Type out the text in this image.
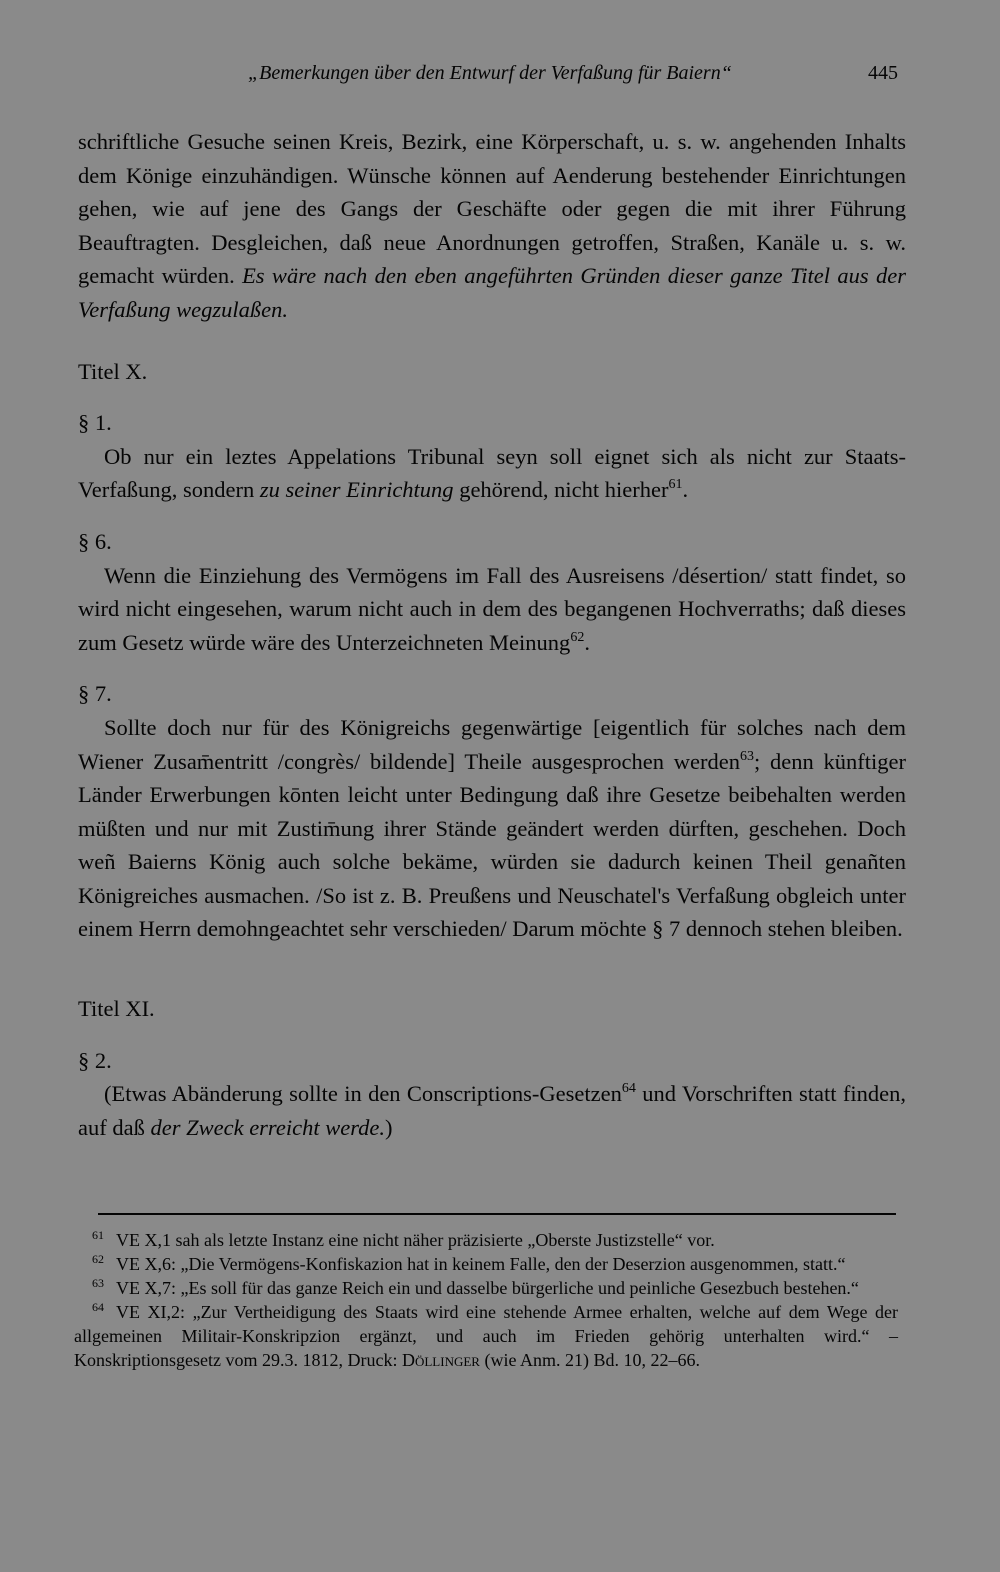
„Bemerkungen über den Entwurf der Verfaßung für Baiern“	445

schriftliche Gesuche seinen Kreis, Bezirk, eine Körperschaft, u. s. w. angehenden Inhalts dem Könige einzuhändigen. Wünsche können auf Aenderung bestehender Einrichtungen gehen, wie auf jene des Gangs der Geschäfte oder gegen die mit ihrer Führung Beauftragten. Desgleichen, daß neue Anordnungen getroffen, Straßen, Kanäle u. s. w. gemacht würden. Es wäre nach den eben angeführten Gründen dieser ganze Titel aus der Verfaßung wegzulaßen.

Titel X.

§ 1.

Ob nur ein leztes Appelations Tribunal seyn soll eignet sich als nicht zur Staats-Verfaßung, sondern zu seiner Einrichtung gehörend, nicht hierher$^{61}$.

§ 6.

Wenn die Einziehung des Vermögens im Fall des Ausreisens /désertion/ statt findet, so wird nicht eingesehen, warum nicht auch in dem des begangenen Hochverraths; daß dieses zum Gesetz würde wäre des Unterzeichneten Meinung$^{62}$.

§ 7.

Sollte doch nur für des Königreichs gegenwärtige [eigentlich für solches nach dem Wiener Zusam̄entritt /congrès/ bildende] Theile ausgesprochen werden$^{63}$; denn künftiger Länder Erwerbungen kōnten leicht unter Bedingung daß ihre Gesetze beibehalten werden müßten und nur mit Zustim̄ung ihrer Stände geändert werden dürften, geschehen. Doch weñ Baierns König auch solche bekäme, würden sie dadurch keinen Theil genañten Königreiches ausmachen. /So ist z. B. Preußens und Neuschatel's Verfaßung obgleich unter einem Herrn demohngeachtet sehr verschieden/ Darum möchte § 7 dennoch stehen bleiben.

Titel XI.

§ 2.

(Etwas Abänderung sollte in den Conscriptions-Gesetzen$^{64}$ und Vorschriften statt finden, auf daß der Zweck erreicht werde.)

$^{61}$ VE X,1 sah als letzte Instanz eine nicht näher präzisierte „Oberste Justizstelle“ vor.

$^{62}$ VE X,6: „Die Vermögens-Konfiskazion hat in keinem Falle, den der Deserzion ausgenommen, statt.“

$^{63}$ VE X,7: „Es soll für das ganze Reich ein und dasselbe bürgerliche und peinliche Gesezbuch bestehen.“

$^{64}$ VE XI,2: „Zur Vertheidigung des Staats wird eine stehende Armee erhalten, welche auf dem Wege der allgemeinen Militair-Konskripzion ergänzt, und auch im Frieden gehörig unterhalten wird.“ – Konskriptionsgesetz vom 29.3. 1812, Druck: Döllinger (wie Anm. 21) Bd. 10, 22–66.
